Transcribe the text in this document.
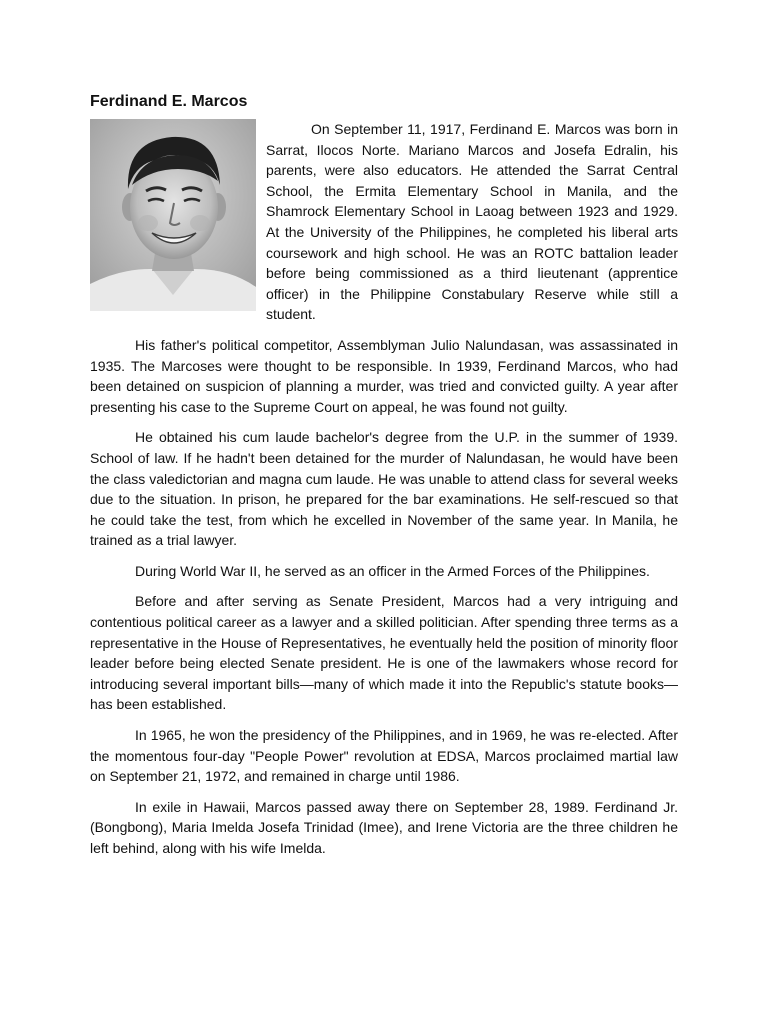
Ferdinand E. Marcos

On September 11, 1917, Ferdinand E. Marcos was born in Sarrat, Ilocos Norte. Mariano Marcos and Josefa Edralin, his parents, were also educators. He attended the Sarrat Central School, the Ermita Elementary School in Manila, and the Shamrock Elementary School in Laoag between 1923 and 1929. At the University of the Philippines, he completed his liberal arts coursework and high school. He was an ROTC battalion leader before being commissioned as a third lieutenant (apprentice officer) in the Philippine Constabulary Reserve while still a student.

His father's political competitor, Assemblyman Julio Nalundasan, was assassinated in 1935. The Marcoses were thought to be responsible. In 1939, Ferdinand Marcos, who had been detained on suspicion of planning a murder, was tried and convicted guilty. A year after presenting his case to the Supreme Court on appeal, he was found not guilty.

He obtained his cum laude bachelor's degree from the U.P. in the summer of 1939. School of law. If he hadn't been detained for the murder of Nalundasan, he would have been the class valedictorian and magna cum laude. He was unable to attend class for several weeks due to the situation. In prison, he prepared for the bar examinations. He self-rescued so that he could take the test, from which he excelled in November of the same year. In Manila, he trained as a trial lawyer.

During World War II, he served as an officer in the Armed Forces of the Philippines.

Before and after serving as Senate President, Marcos had a very intriguing and contentious political career as a lawyer and a skilled politician. After spending three terms as a representative in the House of Representatives, he eventually held the position of minority floor leader before being elected Senate president. He is one of the lawmakers whose record for introducing several important bills—many of which made it into the Republic's statute books—has been established.

In 1965, he won the presidency of the Philippines, and in 1969, he was re-elected. After the momentous four-day "People Power" revolution at EDSA, Marcos proclaimed martial law on September 21, 1972, and remained in charge until 1986.

In exile in Hawaii, Marcos passed away there on September 28, 1989. Ferdinand Jr. (Bongbong), Maria Imelda Josefa Trinidad (Imee), and Irene Victoria are the three children he left behind, along with his wife Imelda.
